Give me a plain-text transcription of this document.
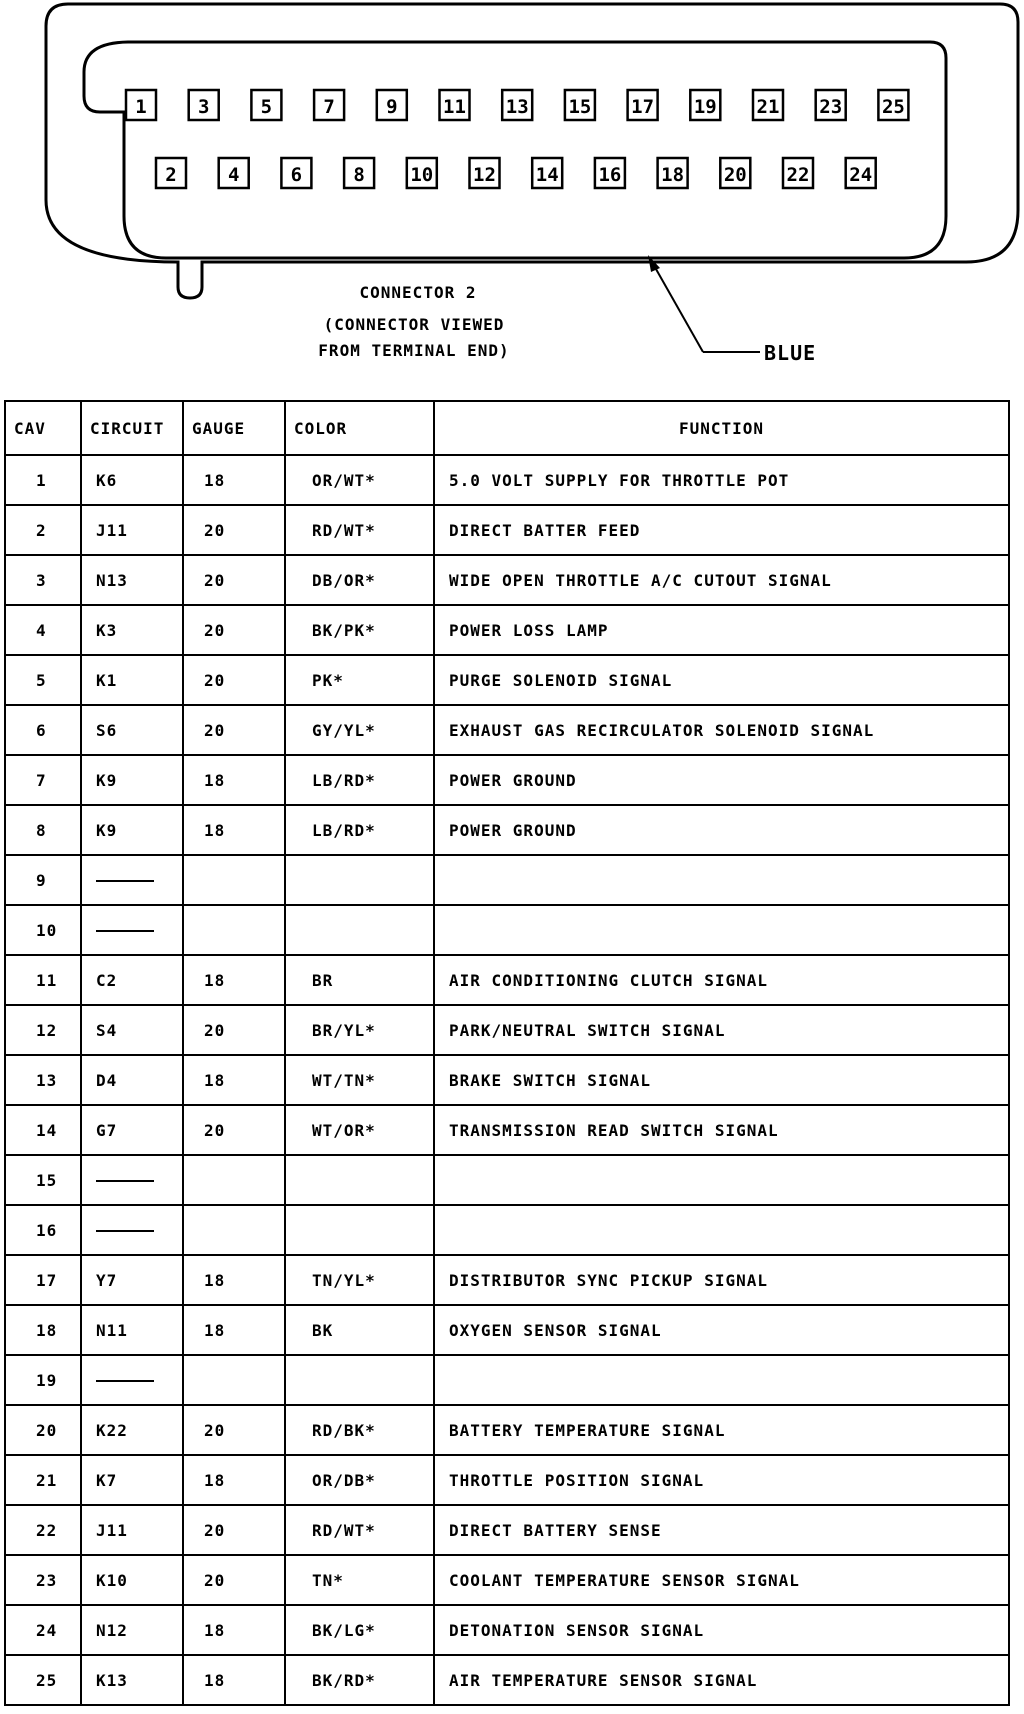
1	3	5	7	9 11 13 15 17 19 21 23 25
2	4	6	8 10 12 14 16 18 20 22 24
CONNECTOR 2
(CONNECTOR VIEWED
FROM TERMINAL END)	BLUE
CAV	CIRCUIT	GAUGE	COLOR	FUNCTION
1	K6	18	OR/WT*	5.0 VOLT SUPPLY FOR THROTTLE POT
2	J11	20	RD/WT*	DIRECT BATTER FEED
3	N13	20	DB/OR*	WIDE OPEN THROTTLE A/C CUTOUT SIGNAL
4	K3	20	BK/PK*	POWER LOSS LAMP
5	K1	20	PK*	PURGE SOLENOID SIGNAL
6	S6	20	GY/YL*	EXHAUST GAS RECIRCULATOR SOLENOID SIGNAL
7	K9	18	LB/RD*	POWER GROUND
8	K9	18	LB/RD*	POWER GROUND
9				
10				
11	C2	18	BR	AIR CONDITIONING CLUTCH SIGNAL
12	S4	20	BR/YL*	PARK/NEUTRAL SWITCH SIGNAL
13	D4	18	WT/TN*	BRAKE SWITCH SIGNAL
14	G7	20	WT/OR*	TRANSMISSION READ SWITCH SIGNAL
15				
16				
17	Y7	18	TN/YL*	DISTRIBUTOR SYNC PICKUP SIGNAL
18	N11	18	BK	OXYGEN SENSOR SIGNAL
19				
20	K22	20	RD/BK*	BATTERY TEMPERATURE SIGNAL
21	K7	18	OR/DB*	THROTTLE POSITION SIGNAL
22	J11	20	RD/WT*	DIRECT BATTERY SENSE
23	K10	20	TN*	COOLANT TEMPERATURE SENSOR SIGNAL
24	N12	18	BK/LG*	DETONATION SENSOR SIGNAL
25	K13	18	BK/RD*	AIR TEMPERATURE SENSOR SIGNAL
